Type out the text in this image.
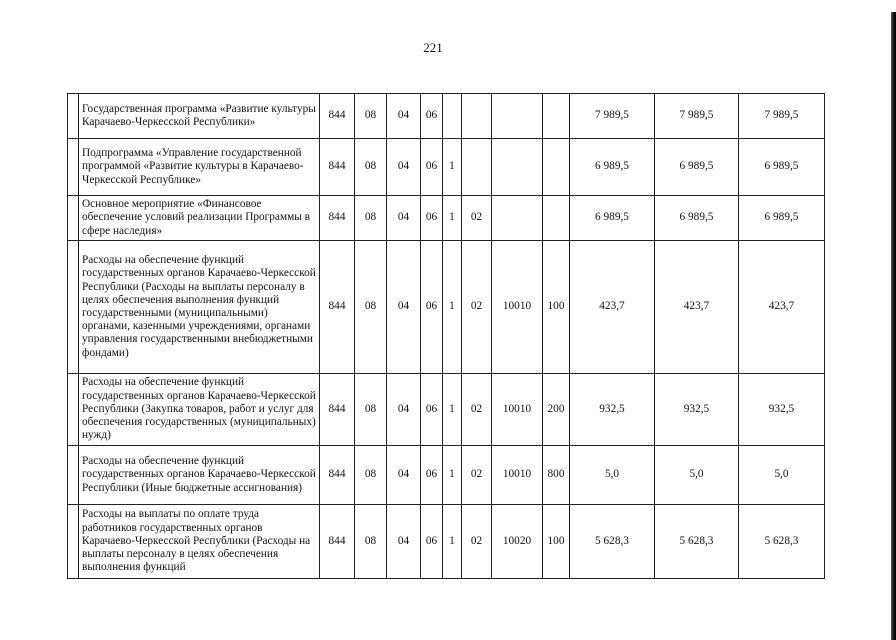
221
	Государственная программа «Развитие культуры Карачаево-Черкесской Республики»	844	08	04	06					7 989,5	7 989,5	7 989,5
	Подпрограмма «Управление государственной программой «Развитие культуры в Карачаево-Черкесской Республике»	844	08	04	06	1				6 989,5	6 989,5	6 989,5
	Основное мероприятие «Финансовое обеспечение условий реализации Программы в сфере наследия»	844	08	04	06	1	02			6 989,5	6 989,5	6 989,5
	Расходы на обеспечение функций государственных органов Карачаево-Черкесской Республики (Расходы на выплаты персоналу в целях обеспечения выполнения функций государственными (муниципальными) органами, казенными учреждениями, органами управления государственными внебюджетными фондами)	844	08	04	06	1	02	10010	100	423,7	423,7	423,7
	Расходы на обеспечение функций государственных органов Карачаево-Черкесской Республики (Закупка товаров, работ и услуг для обеспечения государственных (муниципальных) нужд)	844	08	04	06	1	02	10010	200	932,5	932,5	932,5
	Расходы на обеспечение функций государственных органов Карачаево-Черкесской Республики (Иные бюджетные ассигнования)	844	08	04	06	1	02	10010	800	5,0	5,0	5,0
	Расходы на выплаты по оплате труда работников государственных органов Карачаево-Черкесской Республики (Расходы на выплаты персоналу в целях обеспечения выполнения функций	844	08	04	06	1	02	10020	100	5 628,3	5 628,3	5 628,3
